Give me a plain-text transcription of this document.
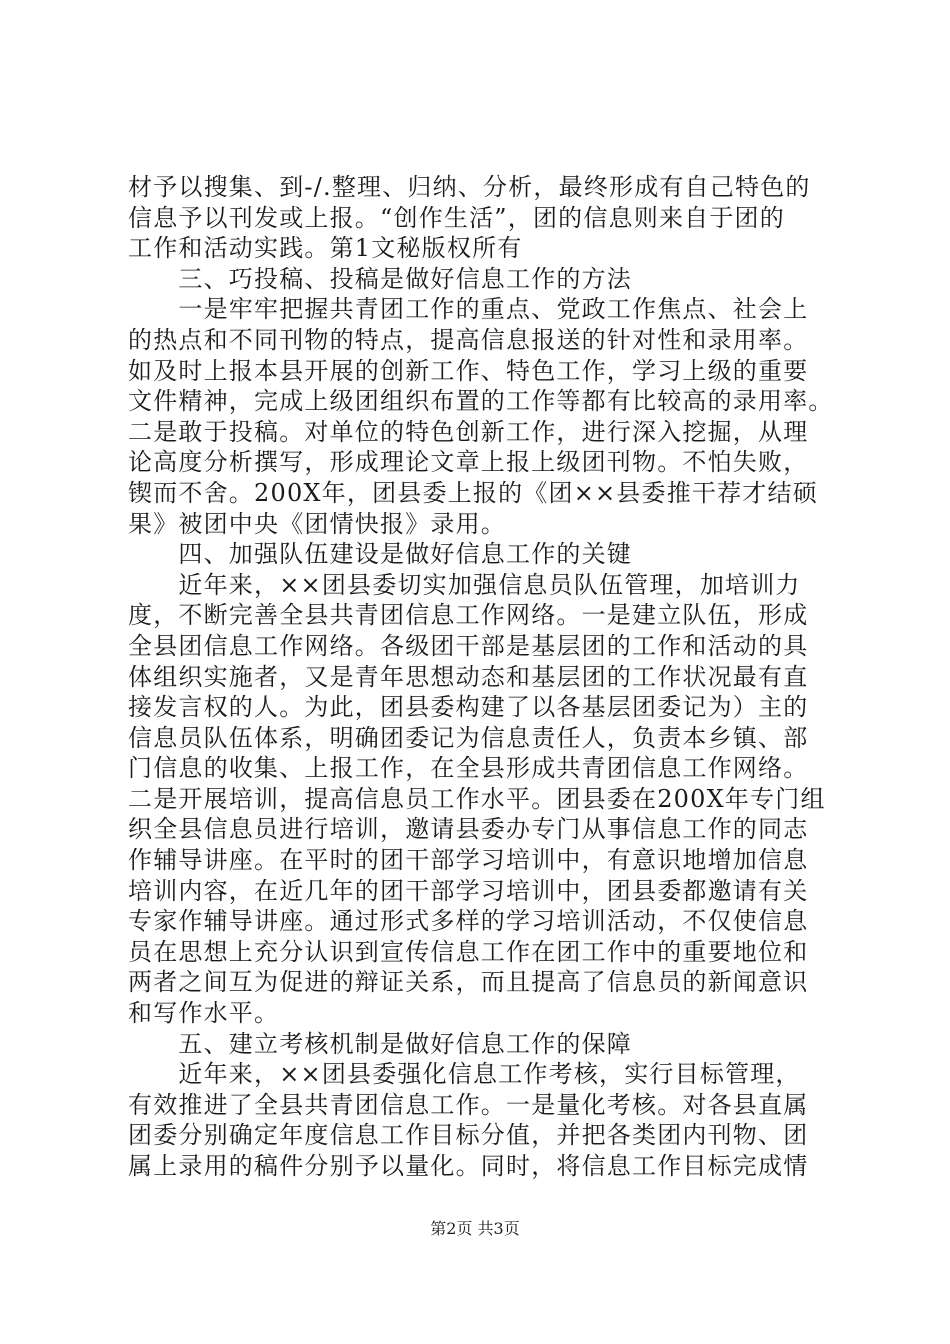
材予以搜集、到-/.整理、归纳、分析，最终形成有自己特色的
信息予以刊发或上报。“创作生活”，团的信息则来自于团的
工作和活动实践。第1文秘版权所有
　　三、巧投稿、投稿是做好信息工作的方法
　　一是牢牢把握共青团工作的重点、党政工作焦点、社会上
的热点和不同刊物的特点，提高信息报送的针对性和录用率。
如及时上报本县开展的创新工作、特色工作，学习上级的重要
文件精神，完成上级团组织布置的工作等都有比较高的录用率。
二是敢于投稿。对单位的特色创新工作，进行深入挖掘，从理
论高度分析撰写，形成理论文章上报上级团刊物。不怕失败，
锲而不舍。200X年，团县委上报的《团××县委推干荐才结硕
果》被团中央《团情快报》录用。
　　四、加强队伍建设是做好信息工作的关键
　　近年来，××团县委切实加强信息员队伍管理，加培训力
度，不断完善全县共青团信息工作网络。一是建立队伍，形成
全县团信息工作网络。各级团干部是基层团的工作和活动的具
体组织实施者，又是青年思想动态和基层团的工作状况最有直
接发言权的人。为此，团县委构建了以各基层团委记为）主的
信息员队伍体系，明确团委记为信息责任人，负责本乡镇、部
门信息的收集、上报工作，在全县形成共青团信息工作网络。
二是开展培训，提高信息员工作水平。团县委在200X年专门组
织全县信息员进行培训，邀请县委办专门从事信息工作的同志
作辅导讲座。在平时的团干部学习培训中，有意识地增加信息
培训内容，在近几年的团干部学习培训中，团县委都邀请有关
专家作辅导讲座。通过形式多样的学习培训活动，不仅使信息
员在思想上充分认识到宣传信息工作在团工作中的重要地位和
两者之间互为促进的辩证关系，而且提高了信息员的新闻意识
和写作水平。
　　五、建立考核机制是做好信息工作的保障
　　近年来，××团县委强化信息工作考核，实行目标管理，
有效推进了全县共青团信息工作。一是量化考核。对各县直属
团委分别确定年度信息工作目标分值，并把各类团内刊物、团
属上录用的稿件分别予以量化。同时，将信息工作目标完成情
第2页 共3页
